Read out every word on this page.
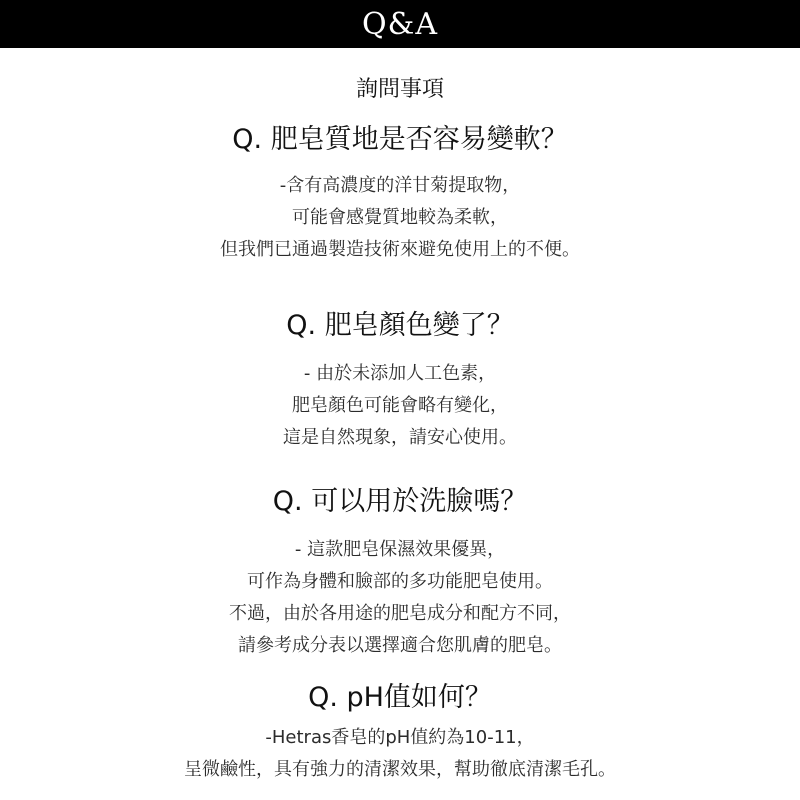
Q&A
詢問事項
Q. 肥皂質地是否容易變軟？
-含有高濃度的洋甘菊提取物，
可能會感覺質地較為柔軟，
但我們已通過製造技術來避免使用上的不便。
Q. 肥皂顏色變了？
- 由於未添加人工色素，
肥皂顏色可能會略有變化，
這是自然現象，請安心使用。
Q. 可以用於洗臉嗎？
- 這款肥皂保濕效果優異，
可作為身體和臉部的多功能肥皂使用。
不過，由於各用途的肥皂成分和配方不同，
請參考成分表以選擇適合您肌膚的肥皂。
Q. pH值如何？
-Hetras香皂的pH值約為10-11，
呈微鹼性，具有強力的清潔效果，幫助徹底清潔毛孔。
